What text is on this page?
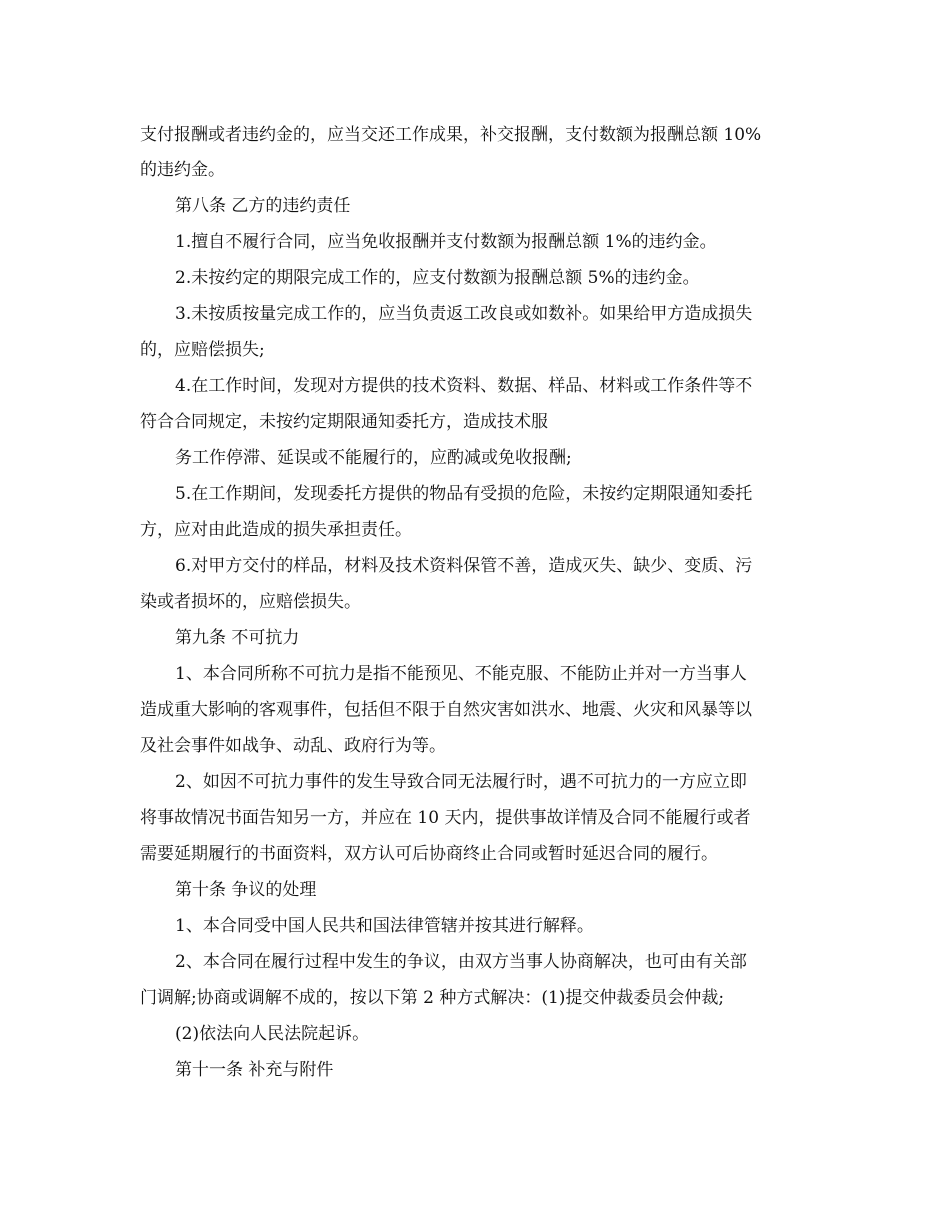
支付报酬或者违约金的，应当交还工作成果，补交报酬，支付数额为报酬总额 10%
的违约金。
第八条 乙方的违约责任
1.擅自不履行合同，应当免收报酬并支付数额为报酬总额 1%的违约金。
2.未按约定的期限完成工作的，应支付数额为报酬总额 5%的违约金。
3.未按质按量完成工作的，应当负责返工改良或如数补。如果给甲方造成损失
的，应赔偿损失;
4.在工作时间，发现对方提供的技术资料、数据、样品、材料或工作条件等不
符合合同规定，未按约定期限通知委托方，造成技术服
务工作停滞、延误或不能履行的，应酌减或免收报酬;
5.在工作期间，发现委托方提供的物品有受损的危险，未按约定期限通知委托
方，应对由此造成的损失承担责任。
6.对甲方交付的样品，材料及技术资料保管不善，造成灭失、缺少、变质、污
染或者损坏的，应赔偿损失。
第九条 不可抗力
1、本合同所称不可抗力是指不能预见、不能克服、不能防止并对一方当事人
造成重大影响的客观事件，包括但不限于自然灾害如洪水、地震、火灾和风暴等以
及社会事件如战争、动乱、政府行为等。
2、如因不可抗力事件的发生导致合同无法履行时，遇不可抗力的一方应立即
将事故情况书面告知另一方，并应在 10 天内，提供事故详情及合同不能履行或者
需要延期履行的书面资料，双方认可后协商终止合同或暂时延迟合同的履行。
第十条 争议的处理
1、本合同受中国人民共和国法律管辖并按其进行解释。
2、本合同在履行过程中发生的争议，由双方当事人协商解决，也可由有关部
门调解;协商或调解不成的，按以下第 2 种方式解决：(1)提交仲裁委员会仲裁;
(2)依法向人民法院起诉。
第十一条 补充与附件
